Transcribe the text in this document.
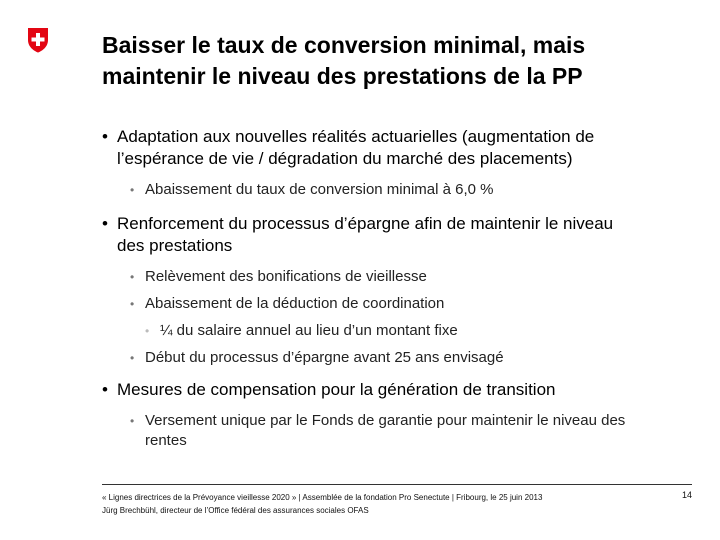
Baisser le taux de conversion minimal, mais
maintenir le niveau des prestations de la PP
• Adaptation aux nouvelles réalités actuarielles (augmentation de
l’espérance de vie / dégradation du marché des placements)
• Abaissement du taux de conversion minimal à 6,0 %
• Renforcement du processus d’épargne afin de maintenir le niveau
des prestations
• Relèvement des bonifications de vieillesse
• Abaissement de la déduction de coordination
• ¼ du salaire annuel au lieu d’un montant fixe
• Début du processus d’épargne avant 25 ans envisagé
• Mesures de compensation pour la génération de transition
• Versement unique par le Fonds de garantie pour maintenir le niveau des
rentes
« Lignes directrices de la Prévoyance vieillesse 2020 » | Assemblée de la fondation Pro Senectute | Fribourg, le 25 juin 2013
Jürg Brechbühl, directeur de l’Office fédéral des assurances sociales OFAS
14
